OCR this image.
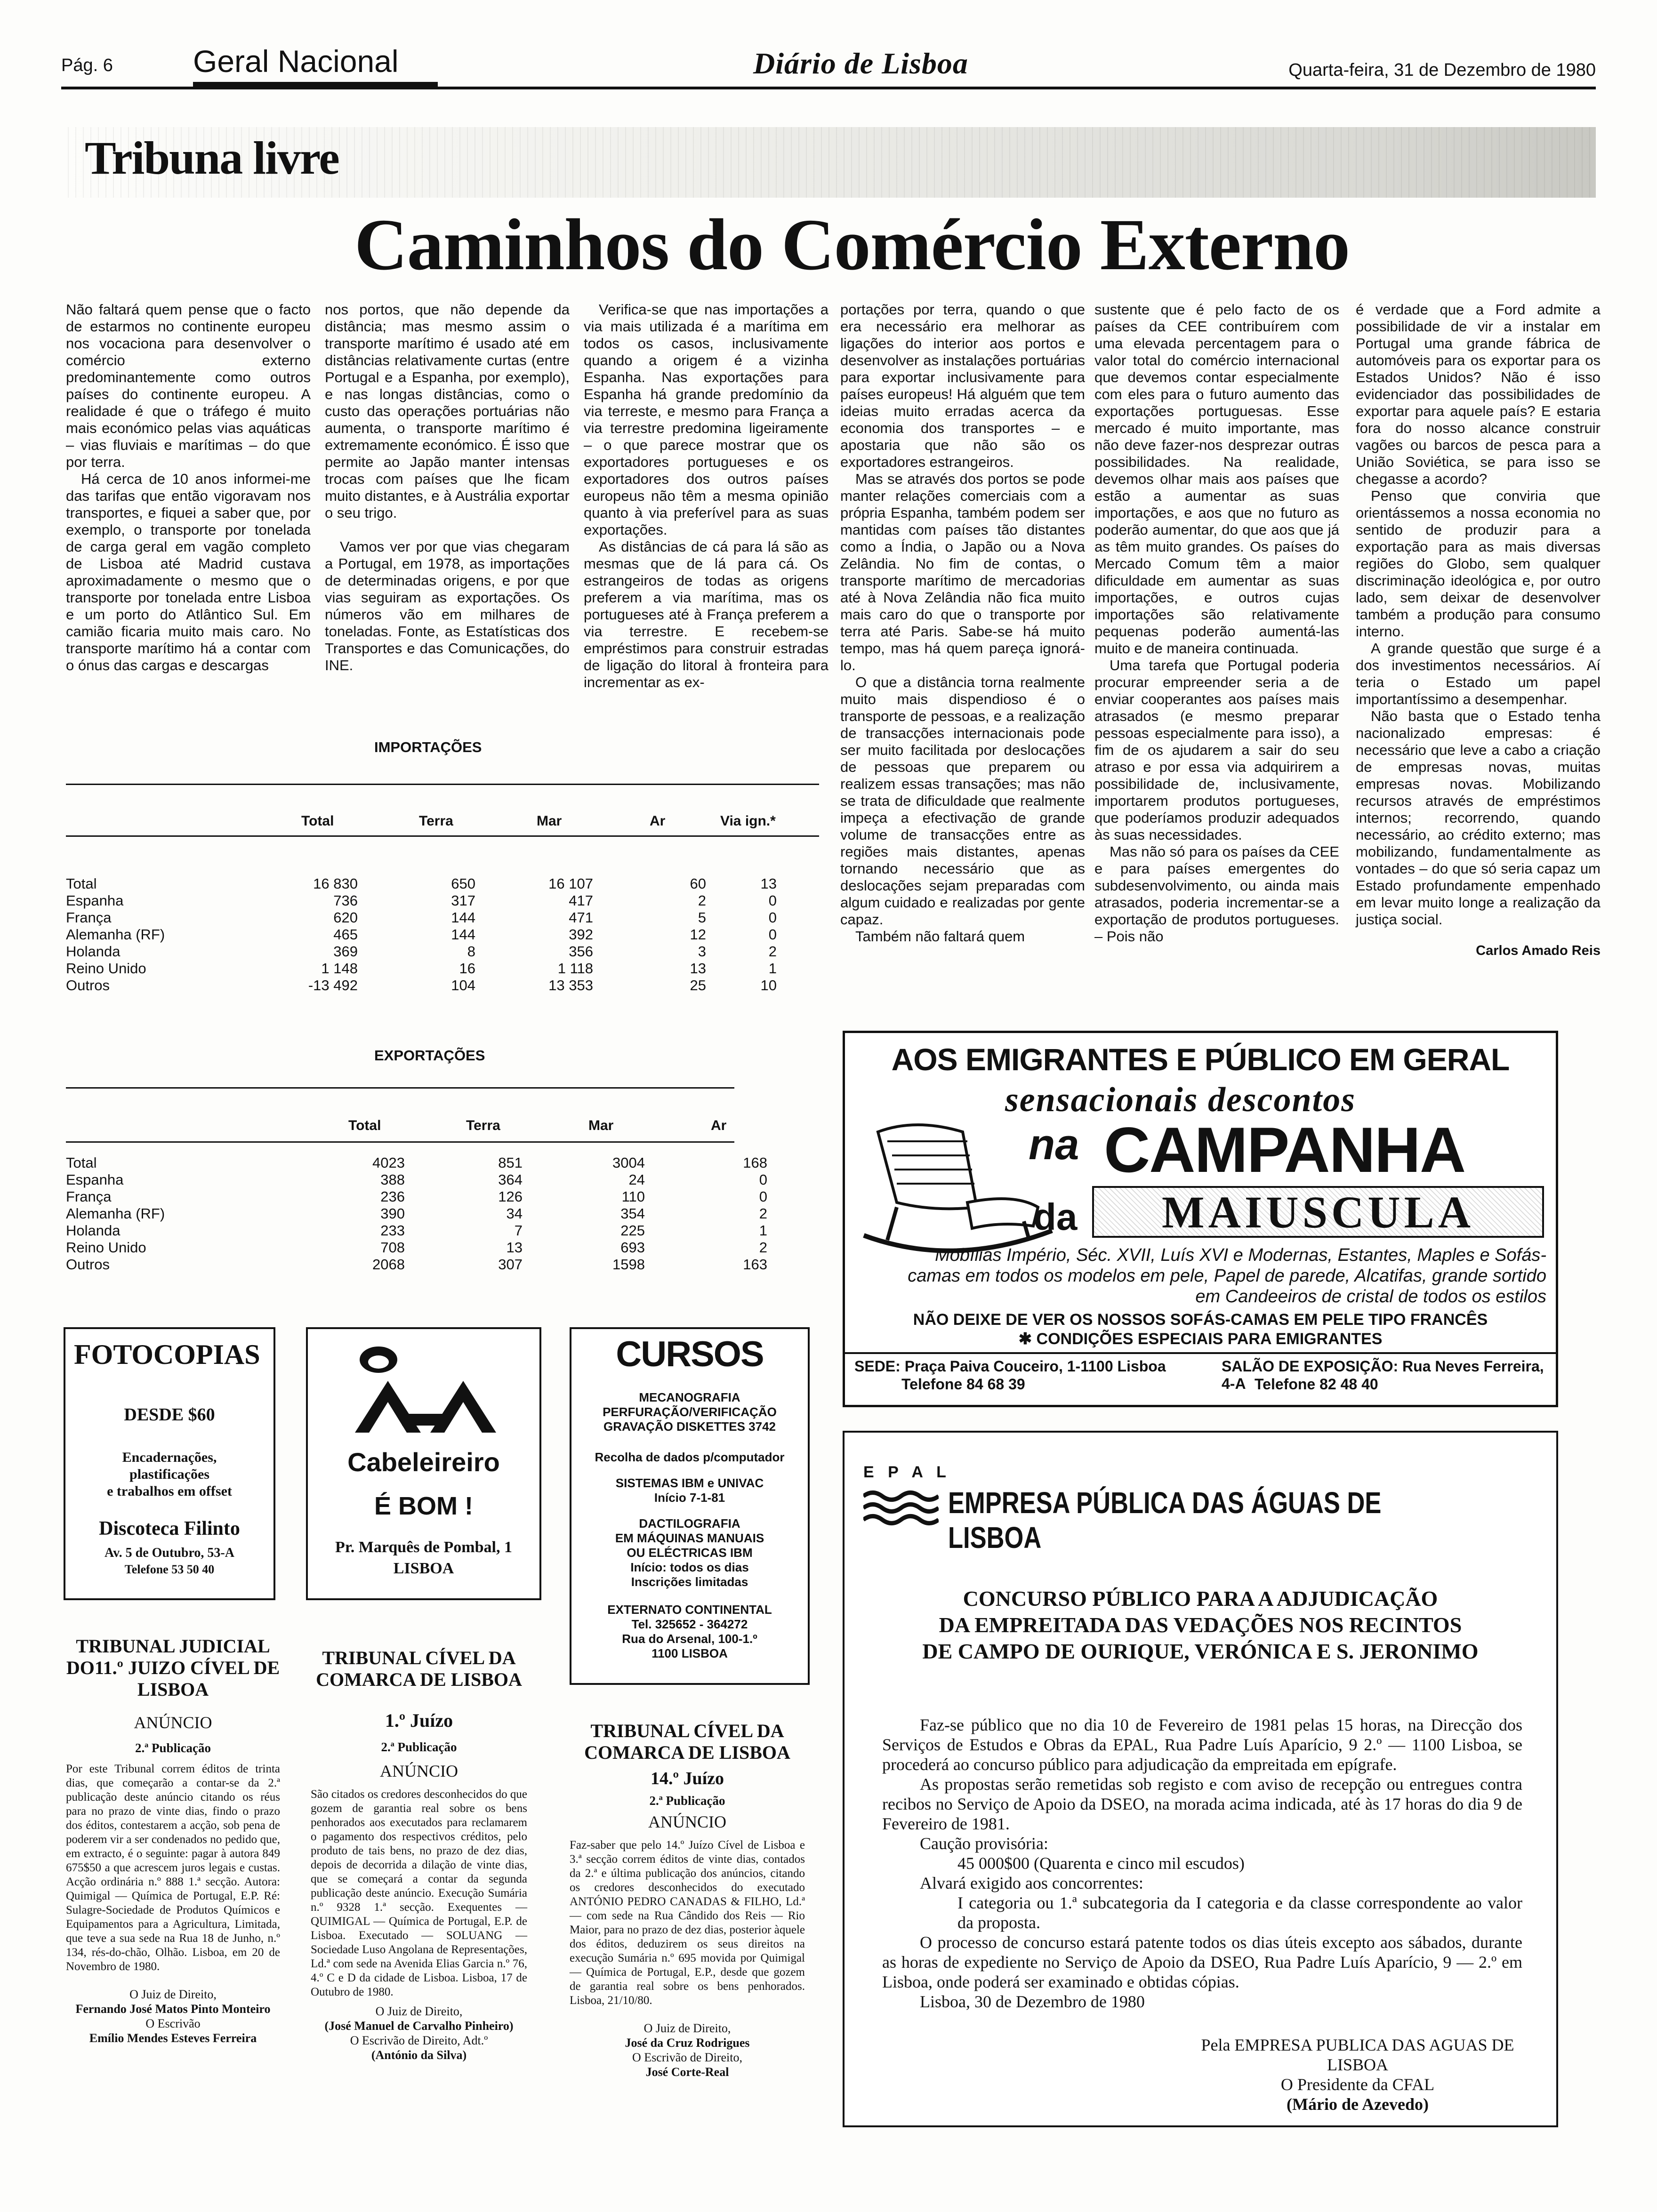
Pág. 6	Geral Nacional	Diário de Lisboa	Quarta-feira, 31 de Dezembro de 1980
Tribuna livre
Caminhos do Comércio Externo

Não faltará quem pense que o facto de estarmos no continente europeu nos vocaciona para desenvolver o comércio externo predominantemente como outros países do continente europeu. A realidade é que o tráfego é muito mais económico pelas vias aquáticas – vias fluviais e marítimas – do que por terra.

Há cerca de 10 anos informei-me das tarifas que então vigoravam nos transportes, e fiquei a saber que, por exemplo, o transporte por tonelada de carga geral em vagão completo de Lisboa até Madrid custava aproximadamente o mesmo que o transporte por tonelada entre Lisboa e um porto do Atlântico Sul. Em camião ficaria muito mais caro. No transporte marítimo há a contar com o ónus das cargas e descargas

nos portos, que não depende da distância; mas mesmo assim o transporte marítimo é usado até em distâncias relativamente curtas (entre Portugal e a Espanha, por exemplo), e nas longas distâncias, como o custo das operações portuárias não aumenta, o transporte marítimo é extremamente económico. É isso que permite ao Japão manter intensas trocas com países que lhe ficam muito distantes, e à Austrália exportar o seu trigo.

Vamos ver por que vias chegaram a Portugal, em 1978, as importações de determinadas origens, e por que vias seguiram as exportações. Os números vão em milhares de toneladas. Fonte, as Estatísticas dos Transportes e das Comunicações, do INE.

Verifica-se que nas importações a via mais utilizada é a marítima em todos os casos, inclusivamente quando a origem é a vizinha Espanha. Nas exportações para Espanha há grande predomínio da via terreste, e mesmo para França a via terrestre predomina ligeiramente – o que parece mostrar que os exportadores portugueses e os exportadores dos outros países europeus não têm a mesma opinião quanto à via preferível para as suas exportações.

As distâncias de cá para lá são as mesmas que de lá para cá. Os estrangeiros de todas as origens preferem a via marítima, mas os portugueses até à França preferem a via terrestre. E recebem-se empréstimos para construir estradas de ligação do litoral à fronteira para incrementar as ex-

portações por terra, quando o que era necessário era melhorar as ligações do interior aos portos e desenvolver as instalações portuárias para exportar inclusivamente para países europeus! Há alguém que tem ideias muito erradas acerca da economia dos transportes – e apostaria que não são os exportadores estrangeiros.

Mas se através dos portos se pode manter relações comerciais com a própria Espanha, também podem ser mantidas com países tão distantes como a Índia, o Japão ou a Nova Zelândia. No fim de contas, o transporte marítimo de mercadorias até à Nova Zelândia não fica muito mais caro do que o transporte por terra até Paris. Sabe-se há muito tempo, mas há quem pareça ignorá-lo.

O que a distância torna realmente muito mais dispendioso é o transporte de pessoas, e a realização de transacções internacionais pode ser muito facilitada por deslocações de pessoas que preparem ou realizem essas transações; mas não se trata de dificuldade que realmente impeça a efectivação de grande volume de transacções entre as regiões mais distantes, apenas tornando necessário que as deslocações sejam preparadas com algum cuidado e realizadas por gente capaz.

Também não faltará quem

sustente que é pelo facto de os países da CEE contribuírem com uma elevada percentagem para o valor total do comércio internacional que devemos contar especialmente com eles para o futuro aumento das exportações portuguesas. Esse mercado é muito importante, mas não deve fazer-nos desprezar outras possibilidades. Na realidade, devemos olhar mais aos países que estão a aumentar as suas importações, e aos que no futuro as poderão aumentar, do que aos que já as têm muito grandes. Os países do Mercado Comum têm a maior dificuldade em aumentar as suas importações, e outros cujas importações são relativamente pequenas poderão aumentá-las muito e de maneira continuada.

Uma tarefa que Portugal poderia procurar empreender seria a de enviar cooperantes aos países mais atrasados (e mesmo preparar pessoas especialmente para isso), a fim de os ajudarem a sair do seu atraso e por essa via adquirirem a possibilidade de, inclusivamente, importarem produtos portugueses, que poderíamos produzir adequados às suas necessidades.

Mas não só para os países da CEE e para países emergentes do subdesenvolvimento, ou ainda mais atrasados, poderia incrementar-se a exportação de produtos portugueses. – Pois não

é verdade que a Ford admite a possibilidade de vir a instalar em Portugal uma grande fábrica de automóveis para os exportar para os Estados Unidos? Não é isso evidenciador das possibilidades de exportar para aquele país? E estaria fora do nosso alcance construir vagões ou barcos de pesca para a União Soviética, se para isso se chegasse a acordo?

Penso que conviria que orientássemos a nossa economia no sentido de produzir para a exportação para as mais diversas regiões do Globo, sem qualquer discriminação ideológica e, por outro lado, sem deixar de desenvolver também a produção para consumo interno.

A grande questão que surge é a dos investimentos necessários. Aí teria o Estado um papel importantíssimo a desempenhar.

Não basta que o Estado tenha nacionalizado empresas: é necessário que leve a cabo a criação de empresas novas, muitas empresas novas. Mobilizando recursos através de empréstimos internos; recorrendo, quando necessário, ao crédito externo; mas mobilizando, fundamentalmente as vontades – do que só seria capaz um Estado profundamente empenhado em levar muito longe a realização da justiça social.

Carlos Amado Reis
IMPORTAÇÕES
Total	Terra	Mar	Ar	Via ign.*
Total	16 830	650	16 107	60	13
Espanha	736	317	417	2	0
França	620	144	471	5	0
Alemanha (RF)	465	144	392	12	0
Holanda	369	8	356	3	2
Reino Unido	1 148	16	1 118	13	1
Outros	-13 492	104	13 353	25	10
EXPORTAÇÕES
Total	Terra	Mar	Ar
Total	4023	851	3004	168
Espanha	388	364	24	0
França	236	126	110	0
Alemanha (RF)	390	34	354	2
Holanda	233	7	225	1
Reino Unido	708	13	693	2
Outros	2068	307	1598	163
FOTOCOPIAS
DESDE $60
Encadernações,
plastificações
e trabalhos em offset
Discoteca Filinto
Av. 5 de Outubro, 53-A
Telefone 53 50 40
Cabeleireiro
É BOM !
Pr. Marquês de Pombal, 1
LISBOA
CURSOS
MECANOGRAFIA
PERFURAÇÃO/VERIFICAÇÃO
GRAVAÇÃO DISKETTES 3742
Recolha de dados p/computador
SISTEMAS IBM e UNIVAC
Início 7-1-81
DACTILOGRAFIA
EM MÁQUINAS MANUAIS
OU ELÉCTRICAS IBM
Início: todos os dias
Inscrições limitadas
EXTERNATO CONTINENTAL
Tel. 325652 - 364272
Rua do Arsenal, 100-1.º
1100 LISBOA
TRIBUNAL JUDICIAL DO11.º JUIZO CÍVEL DE LISBOA
ANÚNCIO
2.ª Publicação
Por este Tribunal correm éditos de trinta dias, que começarão a contar-se da 2.ª publicação deste anúncio citando os réus para no prazo de vinte dias, findo o prazo dos éditos, contestarem a acção, sob pena de poderem vir a ser condenados no pedido que, em extracto, é o seguinte: pagar à autora 849 675$50 a que acrescem juros legais e custas. Acção ordinária n.º 888 1.ª secção. Autora: Quimigal — Química de Portugal, E.P. Ré: Sulagre-Sociedade de Produtos Químicos e Equipamentos para a Agricultura, Limitada, que teve a sua sede na Rua 18 de Junho, n.º 134, rés-do-chão, Olhão. Lisboa, em 20 de Novembro de 1980.
O Juiz de Direito,
Fernando José Matos Pinto Monteiro
O Escrivão
Emílio Mendes Esteves Ferreira
TRIBUNAL CÍVEL DA COMARCA DE LISBOA
1.º Juízo
2.ª Publicação
ANÚNCIO
São citados os credores desconhecidos do que gozem de garantia real sobre os bens penhorados aos executados para reclamarem o pagamento dos respectivos créditos, pelo produto de tais bens, no prazo de dez dias, depois de decorrida a dilação de vinte dias, que se começará a contar da segunda publicação deste anúncio. Execução Sumária n.º 9328 1.ª secção. Exequentes — QUIMIGAL — Química de Portugal, E.P. de Lisboa. Executado — SOLUANG — Sociedade Luso Angolana de Representações, Ld.ª com sede na Avenida Elias Garcia n.º 76, 4.º C e D da cidade de Lisboa. Lisboa, 17 de Outubro de 1980.
O Juiz de Direito,
(José Manuel de Carvalho Pinheiro)
O Escrivão de Direito, Adt.º
(António da Silva)
TRIBUNAL CÍVEL DA COMARCA DE LISBOA
14.º Juízo
2.ª Publicação
ANÚNCIO
Faz-saber que pelo 14.º Juízo Cível de Lisboa e 3.ª secção correm éditos de vinte dias, contados da 2.ª e última publicação dos anúncios, citando os credores desconhecidos do executado ANTÓNIO PEDRO CANADAS & FILHO, Ld.ª — com sede na Rua Cândido dos Reis — Rio Maior, para no prazo de dez dias, posterior àquele dos éditos, deduzirem os seus direitos na execução Sumária n.º 695 movida por Quimigal — Química de Portugal, E.P., desde que gozem de garantia real sobre os bens penhorados. Lisboa, 21/10/80.
O Juiz de Direito,
José da Cruz Rodrigues
O Escrivão de Direito,
José Corte-Real
AOS EMIGRANTES E PÚBLICO EM GERAL
sensacionais descontos
na CAMPANHA
da	MAIUSCULA
Mobílias Império, Séc. XVII, Luís XVI e Modernas, Estantes, Maples e Sofás-camas em todos os modelos em pele, Papel de parede, Alcatifas, grande sortido em Candeeiros de cristal de todos os estilos
NÃO DEIXE DE VER OS NOSSOS SOFÁS-CAMAS EM PELE TIPO FRANCÊS
✱ CONDIÇÕES ESPECIAIS PARA EMIGRANTES
SEDE: Praça Paiva Couceiro, 1-1100 Lisboa
Telefone 84 68 39
SALÃO DE EXPOSIÇÃO: Rua Neves Ferreira, 4-A Telefone 82 48 40
E P A L
EMPRESA PÚBLICA DAS ÁGUAS DE LISBOA
CONCURSO PÚBLICO PARA A ADJUDICAÇÃO
DA EMPREITADA DAS VEDAÇÕES NOS RECINTOS
DE CAMPO DE OURIQUE, VERÓNICA E S. JERONIMO
Faz-se público que no dia 10 de Fevereiro de 1981 pelas 15 horas, na Direcção dos Serviços de Estudos e Obras da EPAL, Rua Padre Luís Aparício, 9 2.º — 1100 Lisboa, se procederá ao concurso público para adjudicação da empreitada em epígrafe.
As propostas serão remetidas sob registo e com aviso de recepção ou entregues contra recibos no Serviço de Apoio da DSEO, na morada acima indicada, até às 17 horas do dia 9 de Fevereiro de 1981.
Caução provisória:
45 000$00 (Quarenta e cinco mil escudos)
Alvará exigido aos concorrentes:
I categoria ou 1.ª subcategoria da I categoria e da classe correspondente ao valor da proposta.
O processo de concurso estará patente todos os dias úteis excepto aos sábados, durante as horas de expediente no Serviço de Apoio da DSEO, Rua Padre Luís Aparício, 9 — 2.º em Lisboa, onde poderá ser examinado e obtidas cópias.
Lisboa, 30 de Dezembro de 1980
Pela EMPRESA PUBLICA DAS AGUAS DE LISBOA
O Presidente da CFAL
(Mário de Azevedo)
